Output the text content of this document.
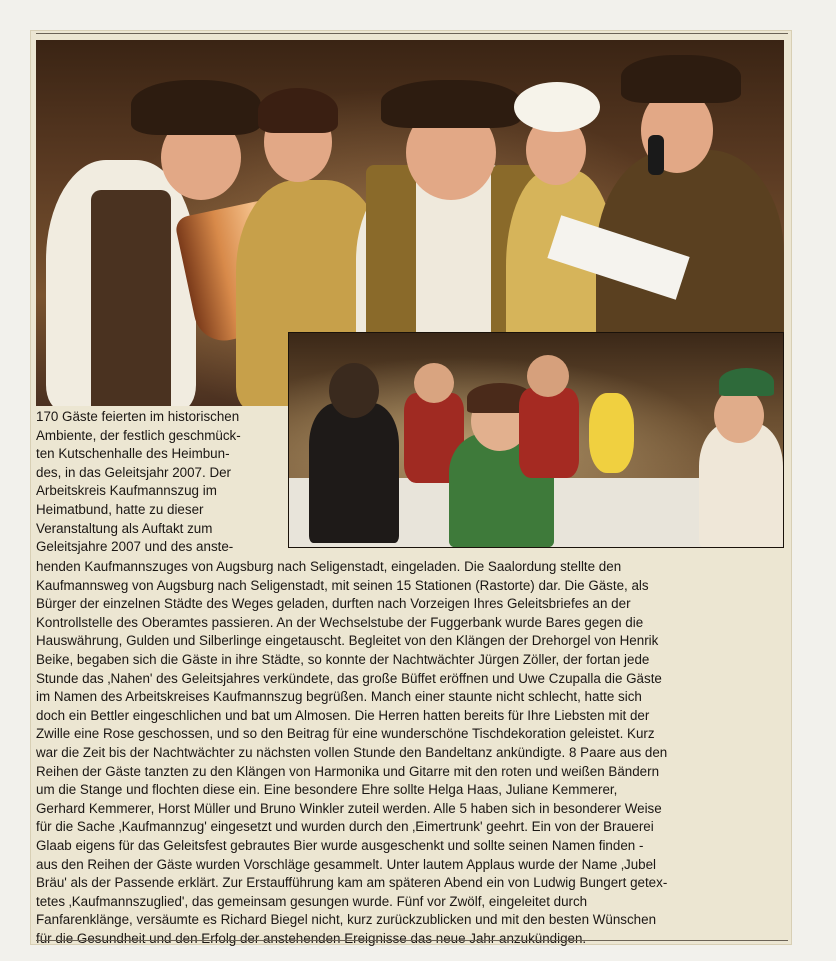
170 Gäste feierten im historischen
Ambiente, der festlich geschmück-
ten Kutschenhalle des Heimbun-
des, in das Geleitsjahr 2007. Der
Arbeitskreis Kaufmannszug im
Heimatbund, hatte zu dieser
Veranstaltung als Auftakt zum
Geleitsjahre 2007 und des anste-
henden Kaufmannszuges von Augsburg nach Seligenstadt, eingeladen. Die Saalordung stellte den
Kaufmannsweg von Augsburg nach Seligenstadt, mit seinen 15 Stationen (Rastorte) dar. Die Gäste, als
Bürger der einzelnen Städte des Weges geladen, durften nach Vorzeigen Ihres Geleitsbriefes an der
Kontrollstelle des Oberamtes passieren. An der Wechselstube der Fuggerbank wurde Bares gegen die
Hauswährung, Gulden und Silberlinge eingetauscht. Begleitet von den Klängen der Drehorgel von Henrik
Beike, begaben sich die Gäste in ihre Städte, so konnte der Nachtwächter Jürgen Zöller, der fortan jede
Stunde das ‚Nahen' des Geleitsjahres verkündete, das große Büffet eröffnen und Uwe Czupalla die Gäste
im Namen des Arbeitskreises Kaufmannszug begrüßen. Manch einer staunte nicht schlecht, hatte sich
doch ein Bettler eingeschlichen und bat um Almosen. Die Herren hatten bereits für Ihre Liebsten mit der
Zwille eine Rose geschossen, und so den Beitrag für eine wunderschöne Tischdekoration geleistet. Kurz
war die Zeit bis der Nachtwächter zu nächsten vollen Stunde den Bandeltanz ankündigte. 8 Paare aus den
Reihen der Gäste tanzten zu den Klängen von Harmonika und Gitarre mit den roten und weißen Bändern
um die Stange und flochten diese ein. Eine besondere Ehre sollte Helga Haas, Juliane Kemmerer,
Gerhard Kemmerer, Horst Müller und Bruno Winkler zuteil werden. Alle 5 haben sich in besonderer Weise
für die Sache ‚Kaufmannzug' eingesetzt und wurden durch den ‚Eimertrunk' geehrt. Ein von der Brauerei
Glaab eigens für das Geleitsfest gebrautes Bier wurde ausgeschenkt und sollte seinen Namen finden -
aus den Reihen der Gäste wurden Vorschläge gesammelt. Unter lautem Applaus wurde der Name ‚Jubel
Bräu' als der Passende erklärt. Zur Erstaufführung kam am späteren Abend ein von Ludwig Bungert getex-
tetes ‚Kaufmannszuglied', das gemeinsam gesungen wurde. Fünf vor Zwölf, eingeleitet durch
Fanfarenklänge, versäumte es Richard Biegel nicht, kurz zurückzublicken und mit den besten Wünschen
für die Gesundheit und den Erfolg der anstehenden Ereignisse das neue Jahr anzukündigen.
